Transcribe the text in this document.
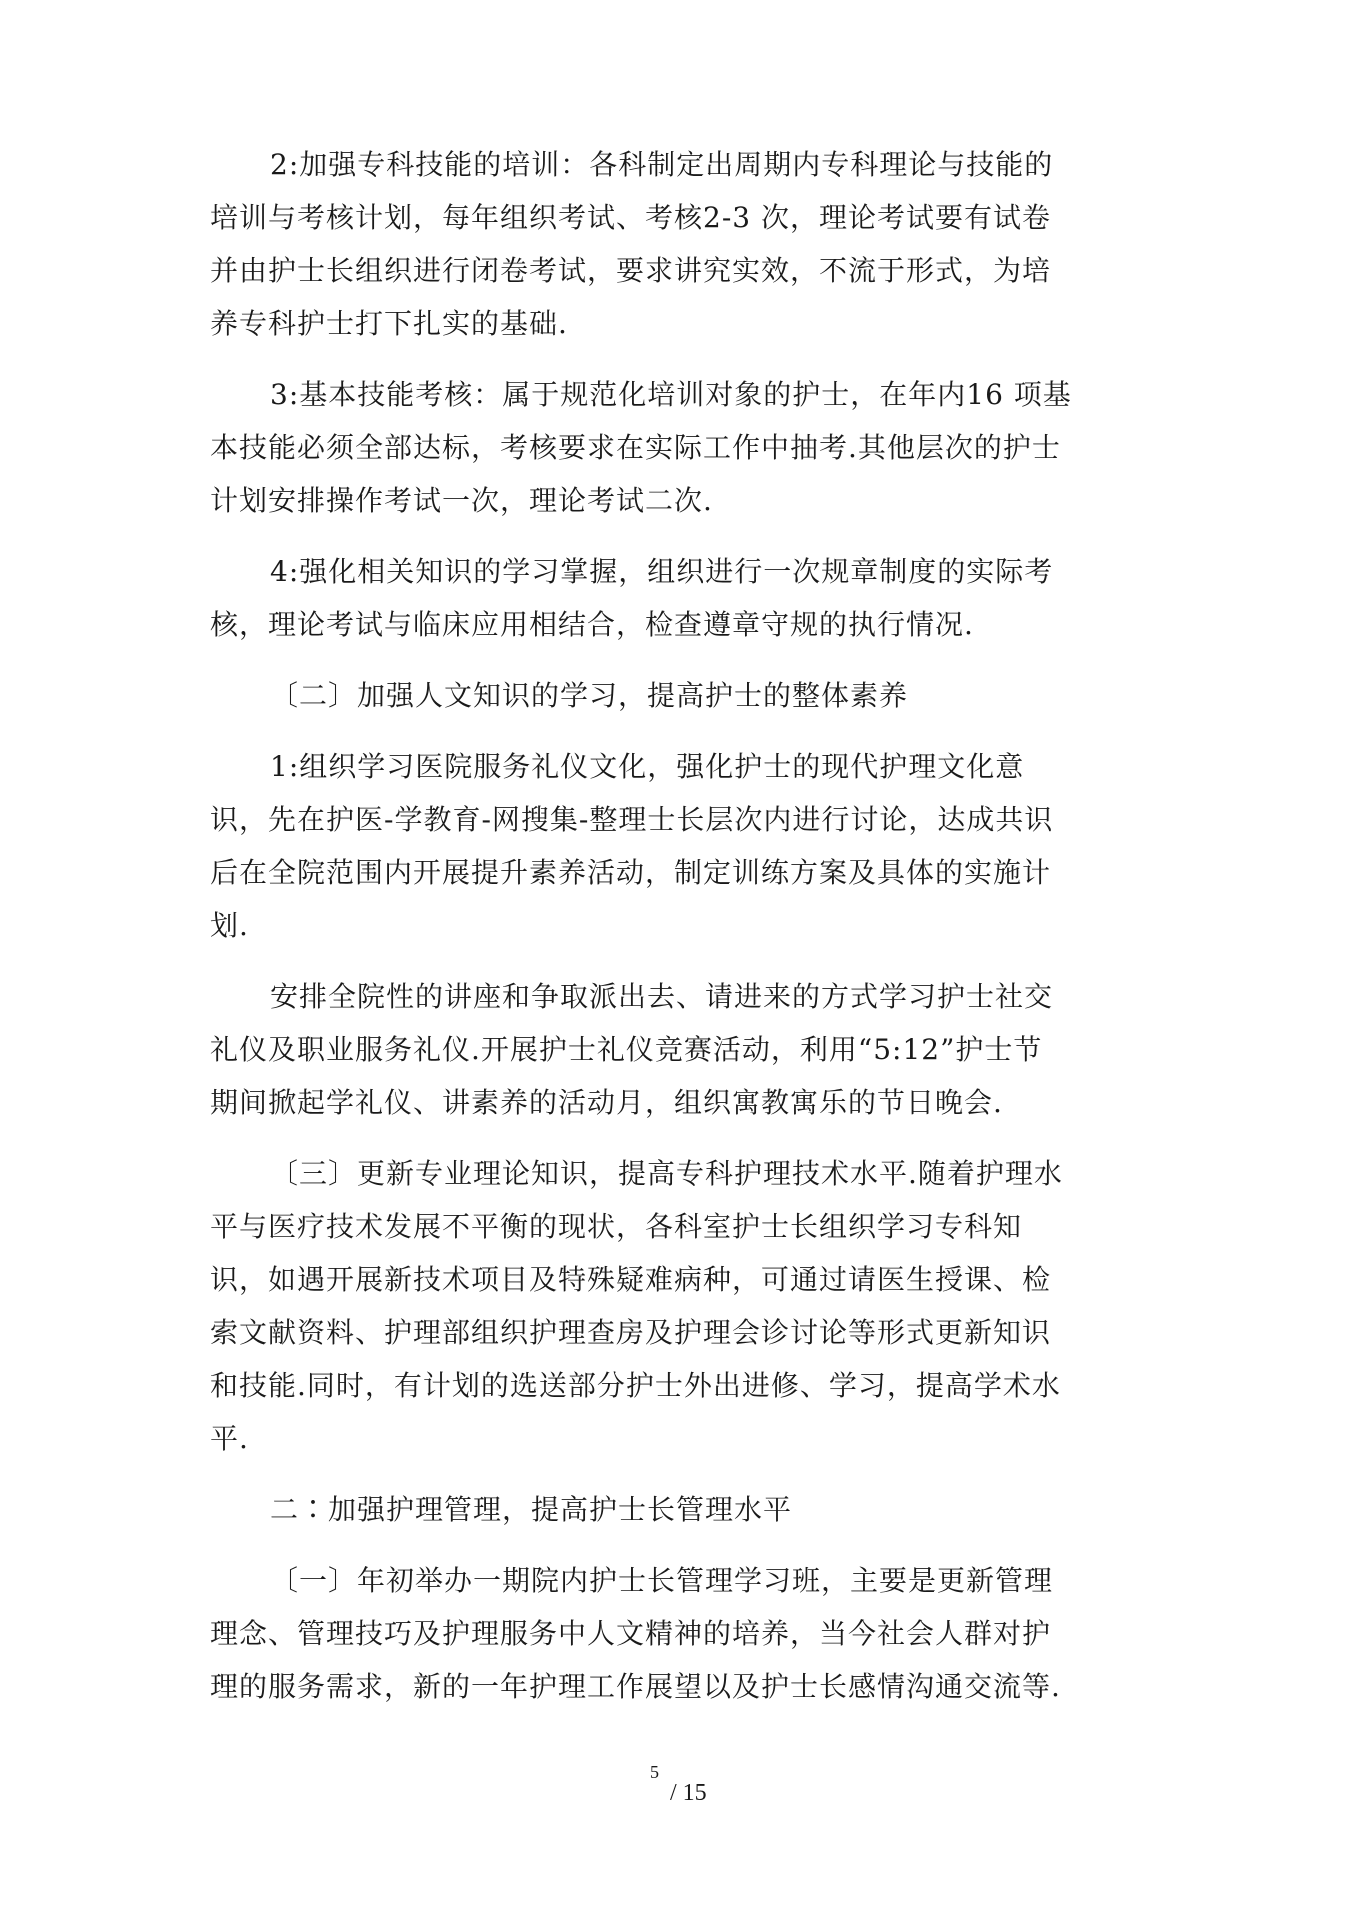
2:加强专科技能的培训：各科制定出周期内专科理论与技能的
培训与考核计划，每年组织考试、考核2-3 次，理论考试要有试卷
并由护士长组织进行闭卷考试，要求讲究实效，不流于形式，为培
养专科护士打下扎实的基础.

3:基本技能考核：属于规范化培训对象的护士，在年内16 项基
本技能必须全部达标，考核要求在实际工作中抽考.其他层次的护士
计划安排操作考试一次，理论考试二次.

4:强化相关知识的学习掌握，组织进行一次规章制度的实际考
核，理论考试与临床应用相结合，检查遵章守规的执行情况.

〔二〕加强人文知识的学习，提高护士的整体素养

1:组织学习医院服务礼仪文化，强化护士的现代护理文化意
识，先在护医-学教育-网搜集-整理士长层次内进行讨论，达成共识
后在全院范围内开展提升素养活动，制定训练方案及具体的实施计
划.

安排全院性的讲座和争取派出去、请进来的方式学习护士社交
礼仪及职业服务礼仪.开展护士礼仪竞赛活动，利用“5:12”护士节
期间掀起学礼仪、讲素养的活动月，组织寓教寓乐的节日晚会.

〔三〕更新专业理论知识，提高专科护理技术水平.随着护理水
平与医疗技术发展不平衡的现状，各科室护士长组织学习专科知
识，如遇开展新技术项目及特殊疑难病种，可通过请医生授课、检
索文献资料、护理部组织护理查房及护理会诊讨论等形式更新知识
和技能.同时，有计划的选送部分护士外出进修、学习，提高学术水
平.

二∶加强护理管理，提高护士长管理水平

〔一〕年初举办一期院内护士长管理学习班，主要是更新管理
理念、管理技巧及护理服务中人文精神的培养，当今社会人群对护
理的服务需求，新的一年护理工作展望以及护士长感情沟通交流等.

5
/ 15
